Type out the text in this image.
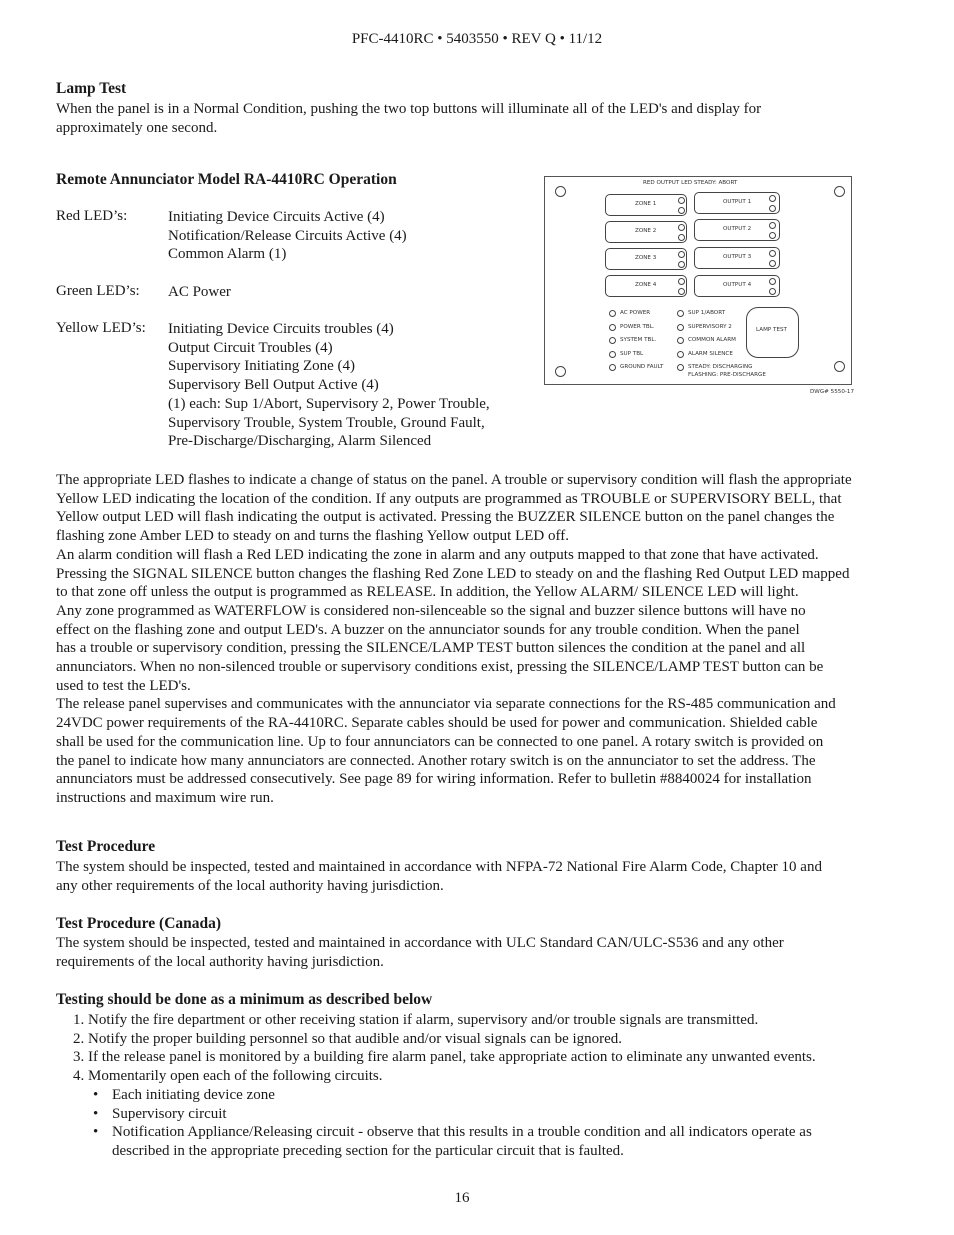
PFC-4410RC • 5403550 • REV Q • 11/12
Lamp Test
When the panel is in a Normal Condition, pushing the two top buttons will illuminate all of the LED's and display for
approximately one second.
Remote Annunciator Model RA-4410RC Operation
Red LED’s:	Initiating Device Circuits Active (4)
Notification/Release Circuits Active (4)
Common Alarm (1)
Green LED’s: AC Power
Yellow LED’s: Initiating Device Circuits troubles (4)
Output Circuit Troubles (4)
Supervisory Initiating Zone (4)
Supervisory Bell Output Active (4)
(1) each: Sup 1/Abort, Supervisory 2, Power Trouble,
Supervisory Trouble, System Trouble, Ground Fault,
Pre-Discharge/Discharging, Alarm Silenced
RED OUTPUT LED STEADY: ABORT
ZONE 1
ZONE 2
ZONE 3
ZONE 4
OUTPUT 1
OUTPUT 2
OUTPUT 3
OUTPUT 4
AC POWER
POWER TBL.
SYSTEM TBL.
SUP TBL
GROUND FAULT
SUP 1/ABORT
SUPERVISORY 2
COMMON ALARM
ALARM SILENCE
STEADY: DISCHARGING
FLASHING: PRE-DISCHARGE
LAMP TEST
DWG# 5550-17
The appropriate LED flashes to indicate a change of status on the panel. A trouble or supervisory condition will flash the appropriate
Yellow LED indicating the location of the condition. If any outputs are programmed as TROUBLE or SUPERVISORY BELL, that
Yellow output LED will flash indicating the output is activated. Pressing the BUZZER SILENCE button on the panel changes the
flashing zone Amber LED to steady on and turns the flashing Yellow output LED off.
An alarm condition will flash a Red LED indicating the zone in alarm and any outputs mapped to that zone that have activated.
Pressing the SIGNAL SILENCE button changes the flashing Red Zone LED to steady on and the flashing Red Output LED mapped
to that zone off unless the output is programmed as RELEASE. In addition, the Yellow ALARM/ SILENCE LED will light.
Any zone programmed as WATERFLOW is considered non-silenceable so the signal and buzzer silence buttons will have no
effect on the flashing zone and output LED's. A buzzer on the annunciator sounds for any trouble condition. When the panel
has a trouble or supervisory condition, pressing the SILENCE/LAMP TEST button silences the condition at the panel and all
annunciators. When no non-silenced trouble or supervisory conditions exist, pressing the SILENCE/LAMP TEST button can be
used to test the LED's.
The release panel supervises and communicates with the annunciator via separate connections for the RS-485 communication and
24VDC power requirements of the RA-4410RC. Separate cables should be used for power and communication. Shielded cable
shall be used for the communication line. Up to four annunciators can be connected to one panel. A rotary switch is provided on
the panel to indicate how many annunciators are connected. Another rotary switch is on the annunciator to set the address. The
annunciators must be addressed consecutively. See page 89 for wiring information. Refer to bulletin #8840024 for installation
instructions and maximum wire run.
Test Procedure
The system should be inspected, tested and maintained in accordance with NFPA-72 National Fire Alarm Code, Chapter 10 and
any other requirements of the local authority having jurisdiction.
Test Procedure (Canada)
The system should be inspected, tested and maintained in accordance with ULC Standard CAN/ULC-S536 and any other
requirements of the local authority having jurisdiction.
Testing should be done as a minimum as described below
1. Notify the fire department or other receiving station if alarm, supervisory and/or trouble signals are transmitted.
2. Notify the proper building personnel so that audible and/or visual signals can be ignored.
3. If the release panel is monitored by a building fire alarm panel, take appropriate action to eliminate any unwanted events.
4. Momentarily open each of the following circuits.
• Each initiating device zone
• Supervisory circuit
• Notification Appliance/Releasing circuit - observe that this results in a trouble condition and all indicators operate as
described in the appropriate preceding section for the particular circuit that is faulted.
16
